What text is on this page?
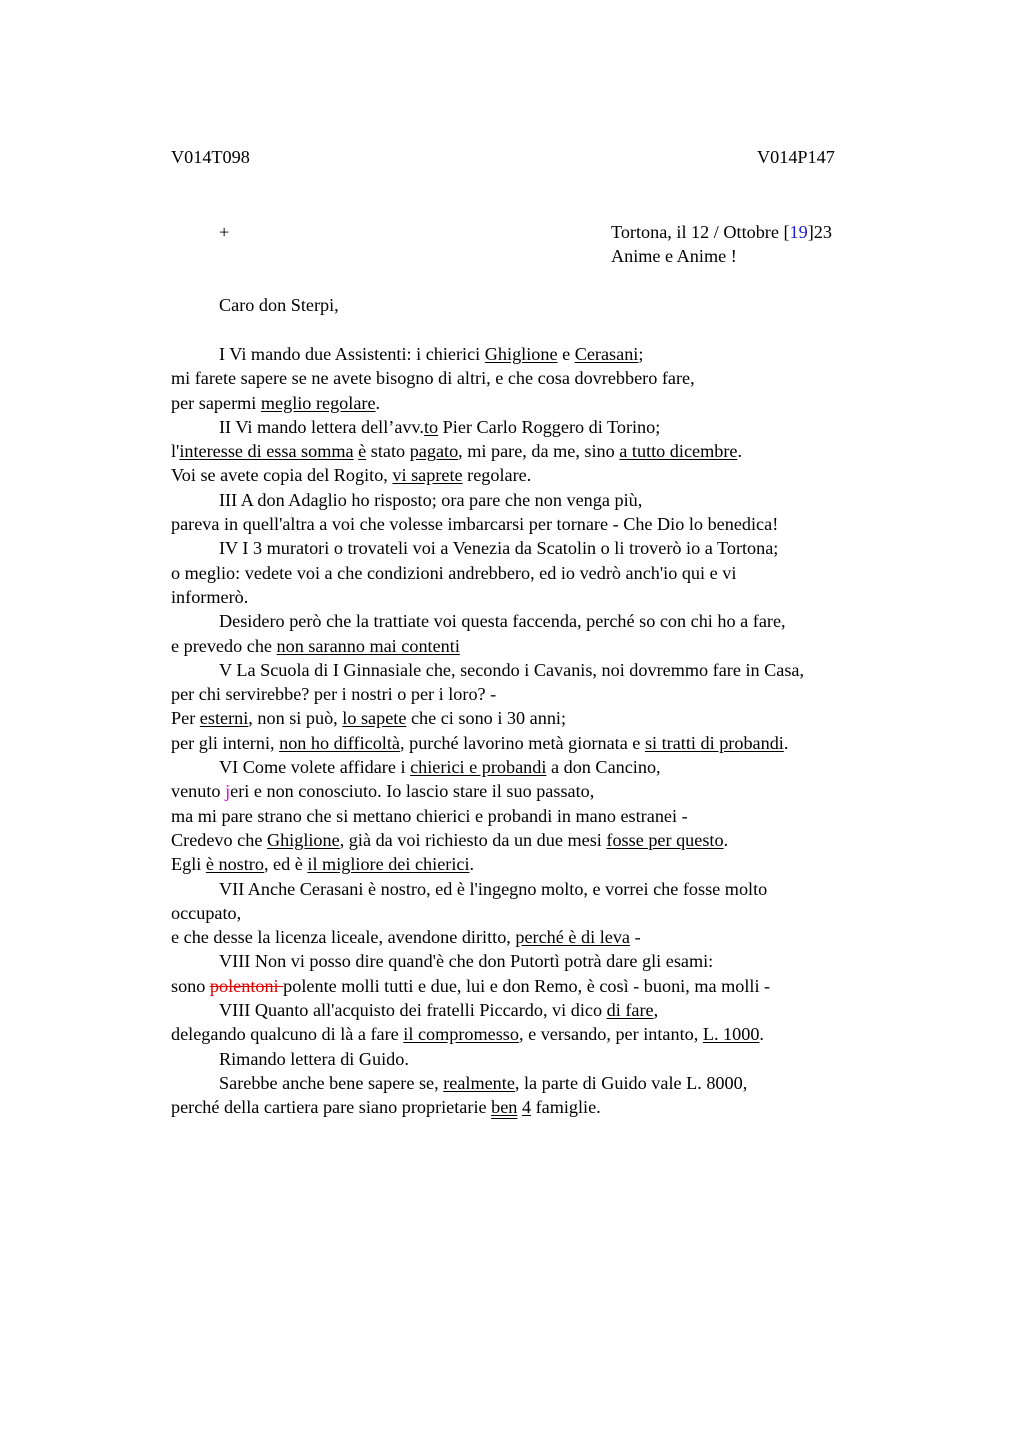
V014T098	V014P147
+	Tortona, il 12 / Ottobre [19]23
Anime e Anime !
Caro don Sterpi,
I Vi mando due Assistenti: i chierici Ghiglione e Cerasani;
mi farete sapere se ne avete bisogno di altri, e che cosa dovrebbero fare,
per sapermi meglio regolare.
II Vi mando lettera dell’avv.to Pier Carlo Roggero di Torino;
l'interesse di essa somma è stato pagato, mi pare, da me, sino a tutto dicembre.
Voi se avete copia del Rogito, vi saprete regolare.
III A don Adaglio ho risposto; ora pare che non venga più,
pareva in quell'altra a voi che volesse imbarcarsi per tornare - Che Dio lo benedica!
IV I 3 muratori o trovateli voi a Venezia da Scatolin o li troverò io a Tortona;
o meglio: vedete voi a che condizioni andrebbero, ed io vedrò anch'io qui e vi
informerò.
Desidero però che la trattiate voi questa faccenda, perché so con chi ho a fare,
e prevedo che non saranno mai contenti
V La Scuola di I Ginnasiale che, secondo i Cavanis, noi dovremmo fare in Casa,
per chi servirebbe? per i nostri o per i loro? -
Per esterni, non si può, lo sapete che ci sono i 30 anni;
per gli interni, non ho difficoltà, purché lavorino metà giornata e si tratti di probandi.
VI Come volete affidare i chierici e probandi a don Cancino,
venuto jeri e non conosciuto. Io lascio stare il suo passato,
ma mi pare strano che si mettano chierici e probandi in mano estranei -
Credevo che Ghiglione, già da voi richiesto da un due mesi fosse per questo.
Egli è nostro, ed è il migliore dei chierici.
VII Anche Cerasani è nostro, ed è l'ingegno molto, e vorrei che fosse molto
occupato,
e che desse la licenza liceale, avendone diritto, perché è di leva -
VIII Non vi posso dire quand'è che don Putortì potrà dare gli esami:
sono polentoni polente molli tutti e due, lui e don Remo, è così - buoni, ma molli -
VIII Quanto all'acquisto dei fratelli Piccardo, vi dico di fare,
delegando qualcuno di là a fare il compromesso, e versando, per intanto, L. 1000.
Rimando lettera di Guido.
Sarebbe anche bene sapere se, realmente, la parte di Guido vale L. 8000,
perché della cartiera pare siano proprietarie ben 4 famiglie.
